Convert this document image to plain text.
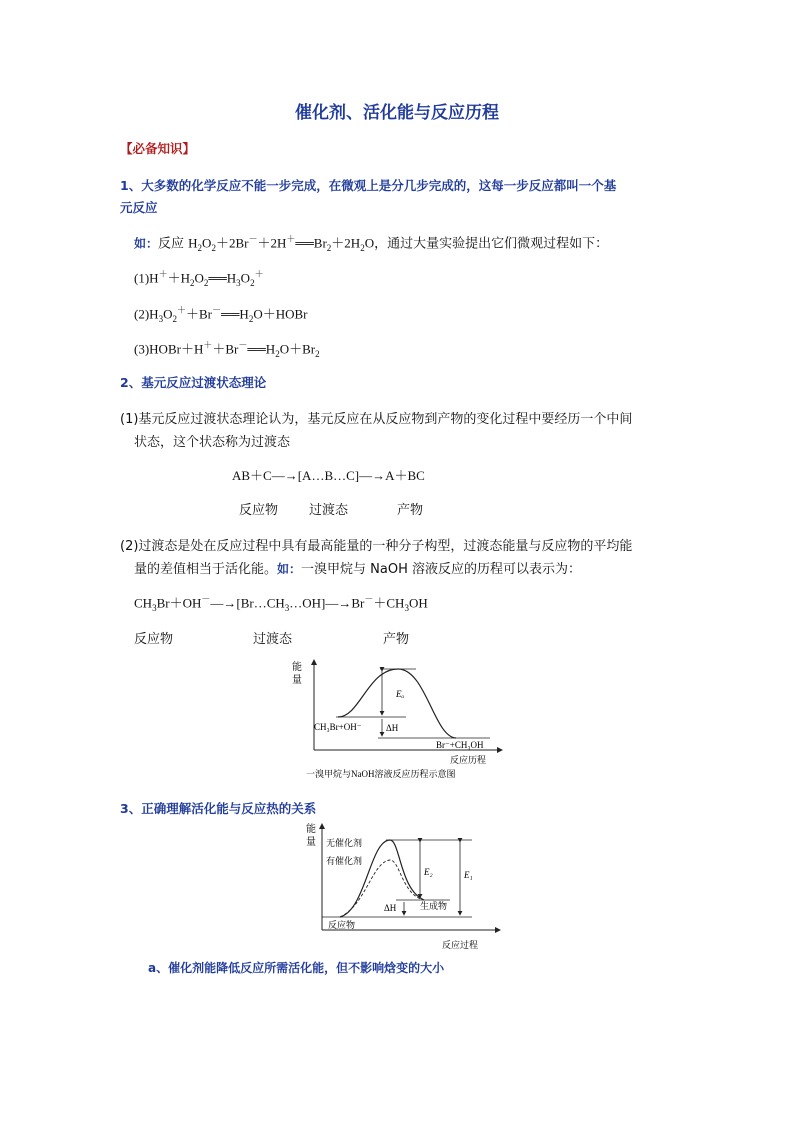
催化剂、活化能与反应历程
【必备知识】
1、大多数的化学反应不能一步完成，在微观上是分几步完成的，这每一步反应都叫一个基
元反应
如：反应 $H_2O_2+2Br^-+2H^+══Br_2+2H_2O$，通过大量实验提出它们微观过程如下：
$(1)H^++H_2O_2══H_3O_2^+$
$(2)H_3O_2^++Br^-══H_2O+HOBr$
$(3)HOBr+H^++Br^-══H_2O+Br_2$
2、基元反应过渡状态理论
(1)基元反应过渡状态理论认为，基元反应在从反应物到产物的变化过程中要经历一个中间
状态，这个状态称为过渡态
AB＋C—→[A…B…C]—→A＋BC
反应物 过渡态	产物
(2)过渡态是处在反应过程中具有最高能量的一种分子构型，过渡态能量与反应物的平均能
量的差值相当于活化能。如：一溴甲烷与 NaOH 溶液反应的历程可以表示为：
$CH_3Br+OH^-—\to[Br\dots CH_3\dots OH]—\to Br^-+CH_3OH$
反应物	过渡态	产物
能
量
Eₐ
ΔH
CH₃Br+OH⁻
Br⁻+CH₃OH
反应历程
一溴甲烷与NaOH溶液反应历程示意图
3、正确理解活化能与反应热的关系
能
量
E₂	E₁
ΔH
无催化剂
有催化剂
生成物
反应物
反应过程
a、催化剂能降低反应所需活化能，但不影响焓变的大小
